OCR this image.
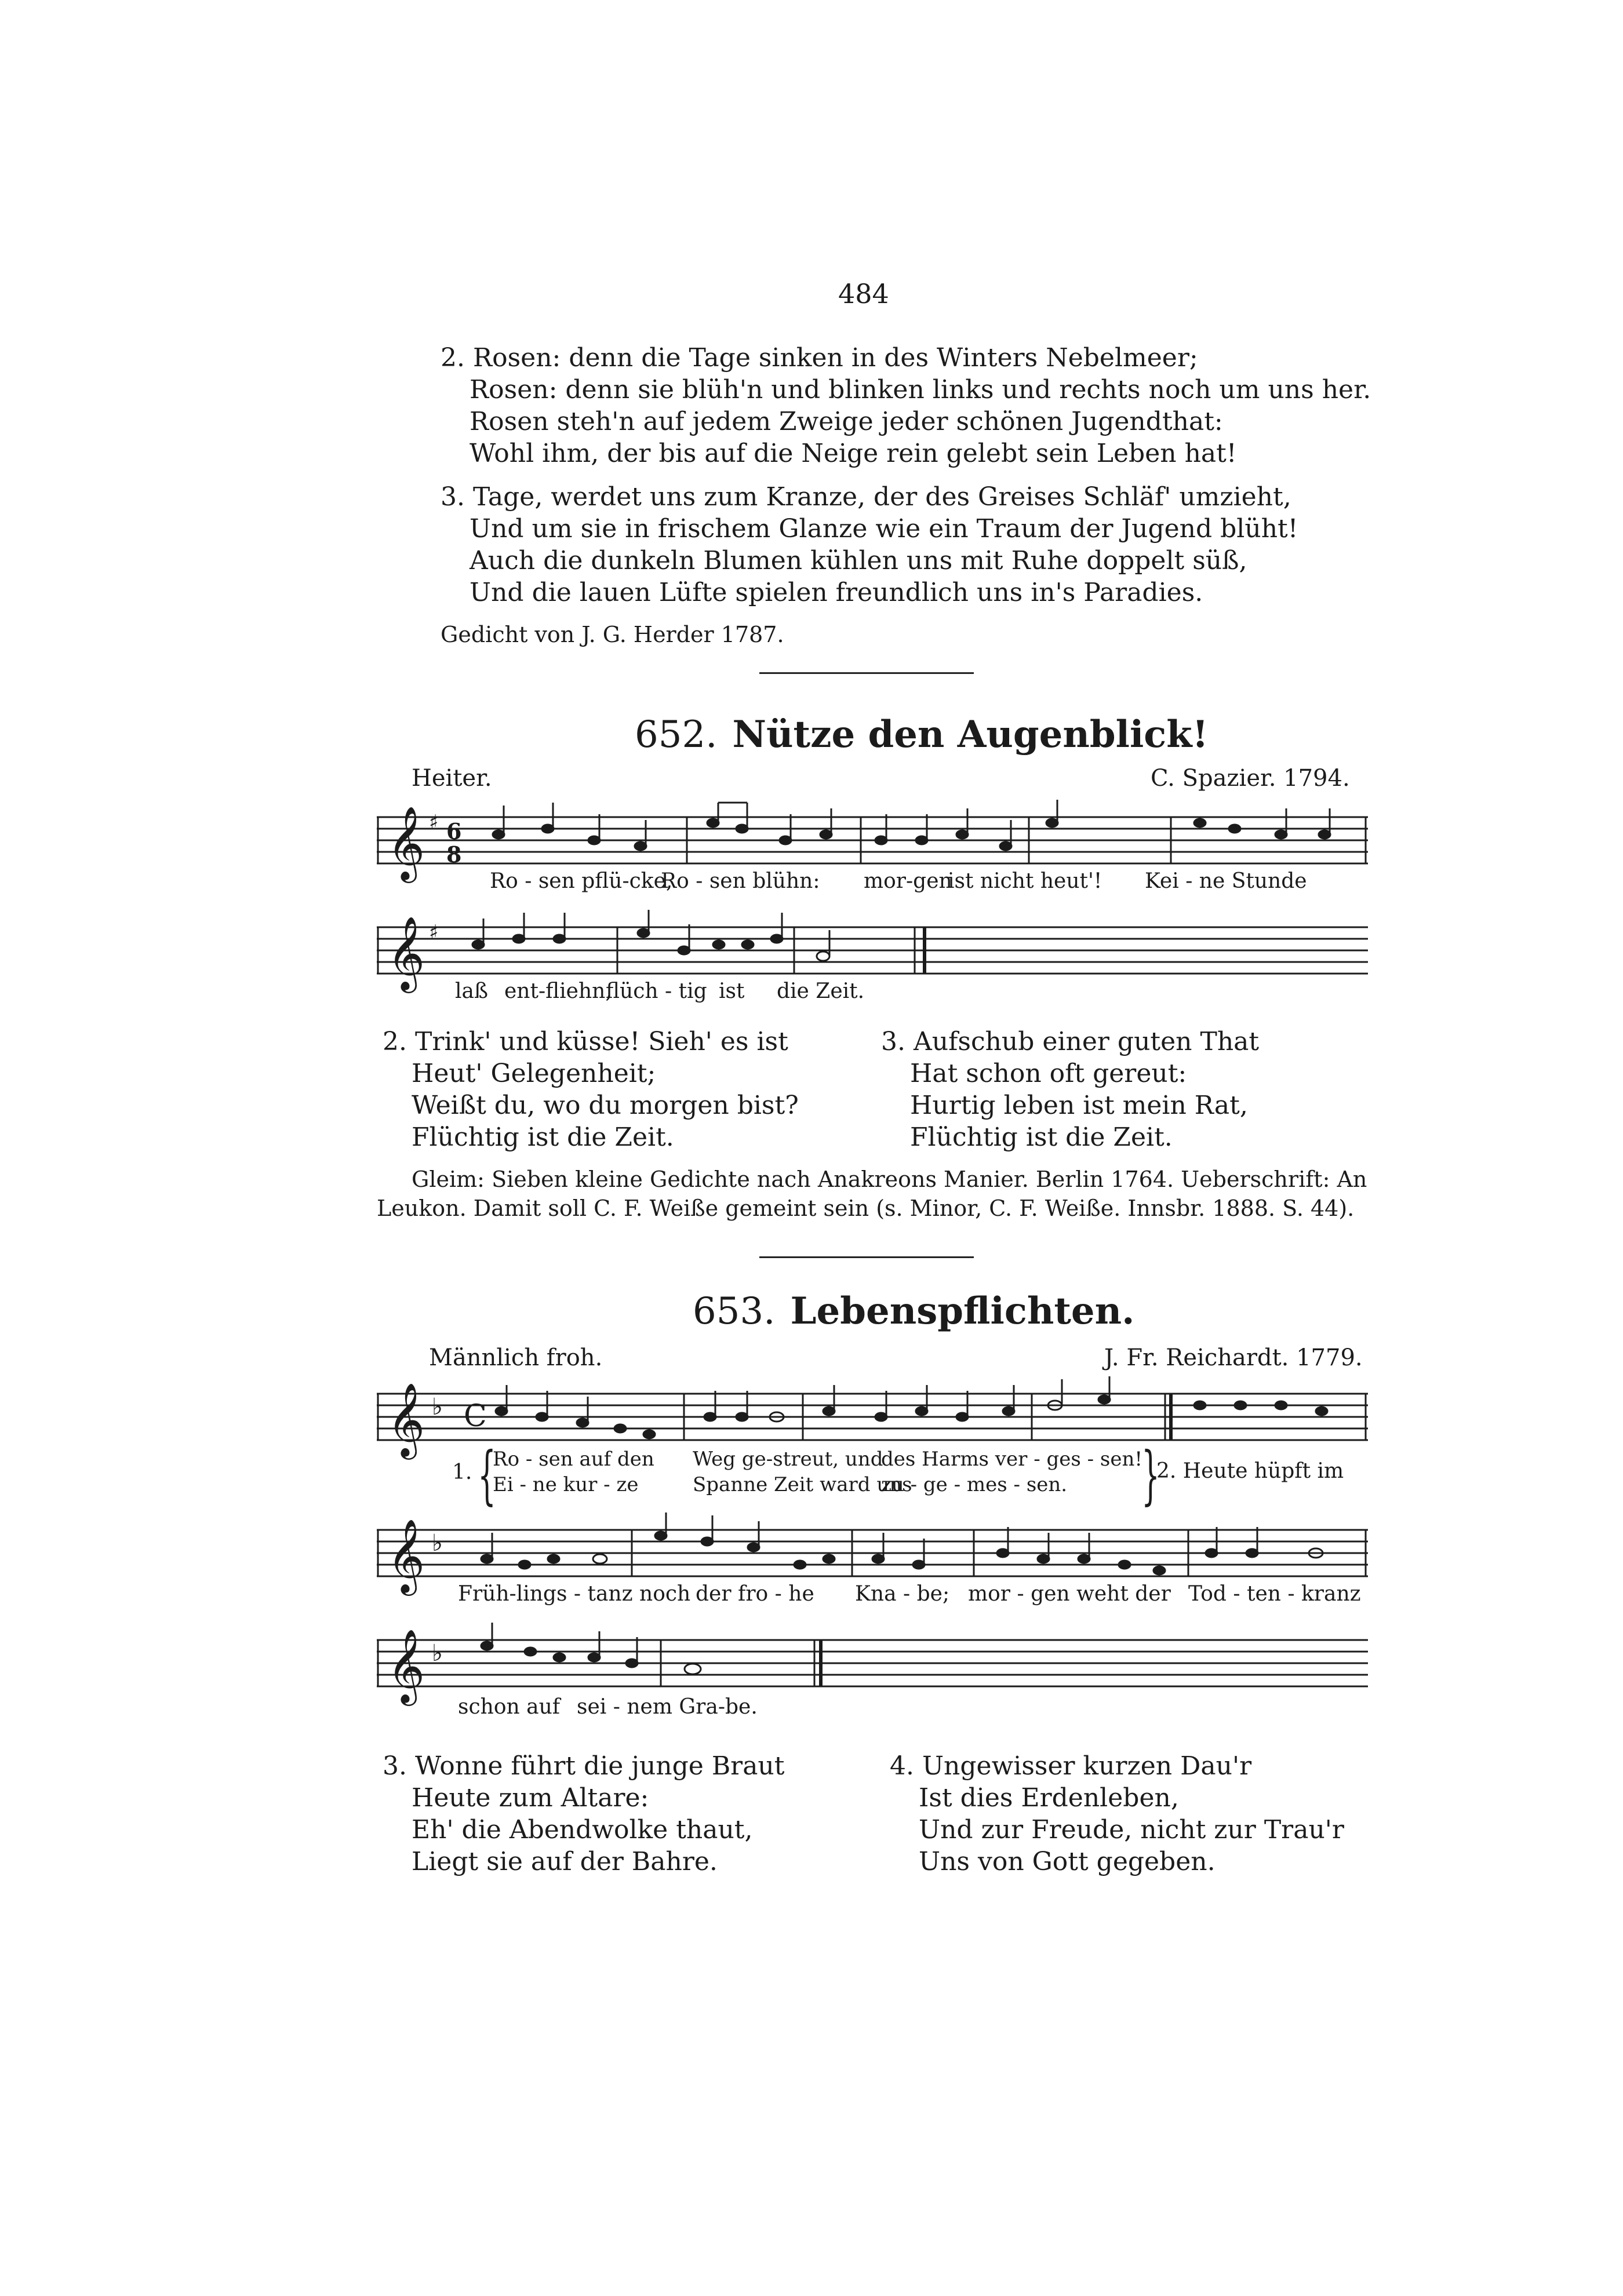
484
2. Rosen: denn die Tage sinken in des Winters Nebelmeer;
Rosen: denn sie blüh'n und blinken links und rechts noch um uns her.
Rosen steh'n auf jedem Zweige jeder schönen Jugendthat:
Wohl ihm, der bis auf die Neige rein gelebt sein Leben hat!
3. Tage, werdet uns zum Kranze, der des Greises Schläf' umzieht,
Und um sie in frischem Glanze wie ein Traum der Jugend blüht!
Auch die dunkeln Blumen kühlen uns mit Ruhe doppelt süß,
Und die lauen Lüfte spielen freundlich uns in's Paradies.
Gedicht von J. G. Herder 1787.
652. Nütze den Augenblick!
Heiter.	C. Spazier. 1794.
𝄞 ♯ 6
8
Ro - sen pflü-cke,
Ro - sen blühn: mor-gen
ist nicht heut'! Kei - ne Stunde
𝄞 ♯
laß ent-fliehn,
flüch - tig ist die Zeit.
2. Trink' und küsse! Sieh' es ist
Heut' Gelegenheit;
Weißt du, wo du morgen bist?
Flüchtig ist die Zeit.
3. Aufschub einer guten That
Hat schon oft gereut:
Hurtig leben ist mein Rat,
Flüchtig ist die Zeit.
Gleim: Sieben kleine Gedichte nach Anakreons Manier. Berlin 1764. Ueberschrift: An
Leukon. Damit soll C. F. Weiße gemeint sein (s. Minor, C. F. Weiße. Innsbr. 1888. S. 44).
653. Lebenspflichten.
Männlich froh.	J. Fr. Reichardt. 1779.
𝄞 ♭ C
1. {
Ro - sen auf den Weg ge-streut, und
des Harms ver - ges - sen!
Ei - ne kur - ze	Spanne Zeit ward uns
zu - ge - mes - sen. {
2. Heute hüpft im
𝄞 ♭
Früh-lings - tanz noch der fro - he Kna - be; mor - gen weht der Tod - ten - kranz
𝄞 ♭
schon auf sei - nem Gra-be.
3. Wonne führt die junge Braut
Heute zum Altare:
Eh' die Abendwolke thaut,
Liegt sie auf der Bahre.
4. Ungewisser kurzen Dau'r
Ist dies Erdenleben,
Und zur Freude, nicht zur Trau'r
Uns von Gott gegeben.
